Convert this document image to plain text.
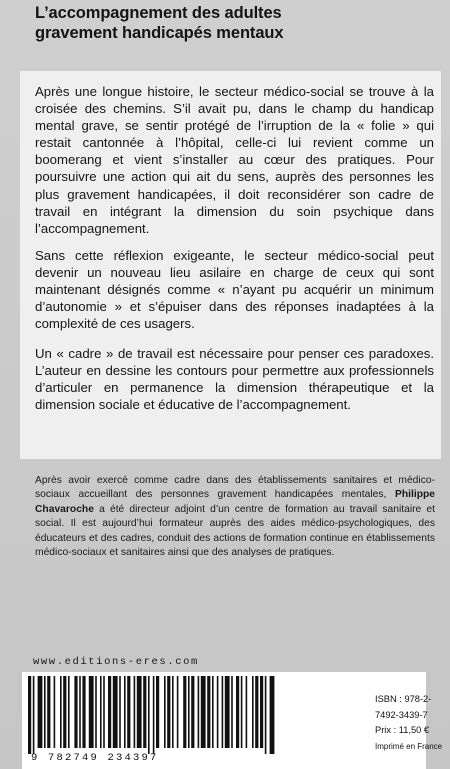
L’accompagnement des adultes
gravement handicapés mentaux

Après une longue histoire, le secteur médico-social se trouve à la croisée des chemins. S’il avait pu, dans le champ du handicap mental grave, se sentir protégé de l’irruption de la « folie » qui restait cantonnée à l’hôpital, celle-ci lui revient comme un boomerang et vient s’installer au cœur des pratiques. Pour poursuivre une action qui ait du sens, auprès des personnes les plus gravement handicapées, il doit reconsidérer son cadre de travail en intégrant la dimension du soin psychique dans l’accompagnement.

Sans cette réflexion exigeante, le secteur médico-social peut devenir un nouveau lieu asilaire en charge de ceux qui sont maintenant désignés comme « n’ayant pu acquérir un minimum d’autonomie » et s’épuiser dans des réponses inadaptées à la complexité de ces usagers.

Un « cadre » de travail est nécessaire pour penser ces paradoxes. L’auteur en dessine les contours pour permettre aux professionnels d’articuler en permanence la dimension thérapeutique et la dimension sociale et éducative de l’accompagnement.

Après avoir exercé comme cadre dans des établissements sanitaires et médico-sociaux accueillant des personnes gravement handicapées mentales, Philippe Chavaroche a été directeur adjoint d’un centre de formation au travail sanitaire et social. Il est aujourd’hui formateur auprès des aides médico-psychologiques, des éducateurs et des cadres, conduit des actions de formation continue en établissements médico-sociaux et sanitaires ainsi que des analyses de pratiques.

www.editions-eres.com
9 782749 234397
ISBN : 978-2-7492-3439-7
Prix : 11,50 €
Imprimé en France
